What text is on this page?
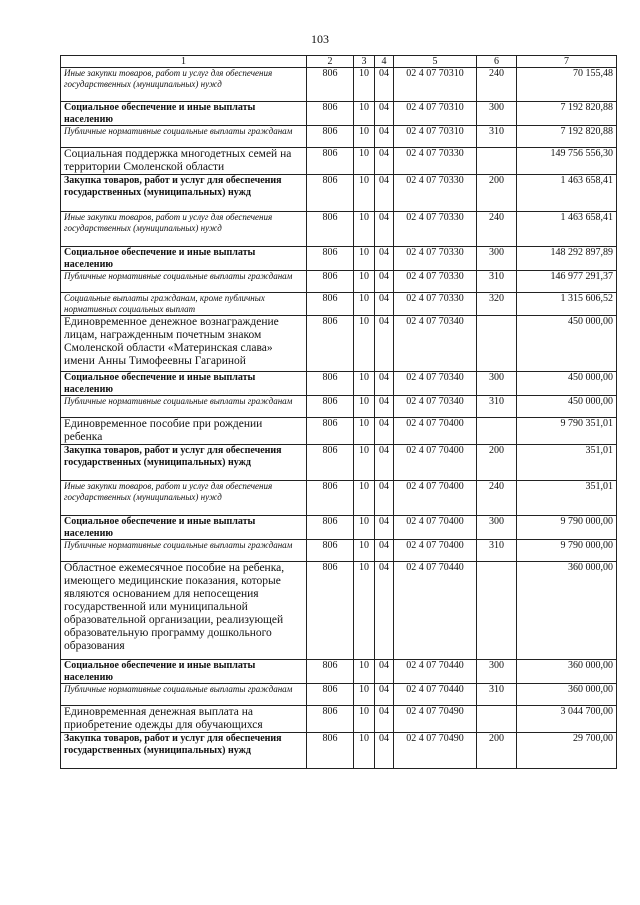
103
1	2	3	4	5	6	7
Иные закупки товаров, работ и услуг для обеспечения государственных (муниципальных) нужд	806	10	04	02 4 07 70310	240	70 155,48
Социальное обеспечение и иные выплаты населению	806	10	04	02 4 07 70310	300	7 192 820,88
Публичные нормативные социальные выплаты гражданам	806	10	04	02 4 07 70310	310	7 192 820,88
Социальная поддержка многодетных семей на территории Смоленской области	806	10	04	02 4 07 70330		149 756 556,30
Закупка товаров, работ и услуг для обеспечения государственных (муниципальных) нужд	806	10	04	02 4 07 70330	200	1 463 658,41
Иные закупки товаров, работ и услуг для обеспечения государственных (муниципальных) нужд	806	10	04	02 4 07 70330	240	1 463 658,41
Социальное обеспечение и иные выплаты населению	806	10	04	02 4 07 70330	300	148 292 897,89
Публичные нормативные социальные выплаты гражданам	806	10	04	02 4 07 70330	310	146 977 291,37
Социальные выплаты гражданам, кроме публичных нормативных социальных выплат	806	10	04	02 4 07 70330	320	1 315 606,52
Единовременное денежное вознаграждение лицам, награжденным почетным знаком Смоленской области «Материнская слава» имени Анны Тимофеевны Гагариной	806	10	04	02 4 07 70340		450 000,00
Социальное обеспечение и иные выплаты населению	806	10	04	02 4 07 70340	300	450 000,00
Публичные нормативные социальные выплаты гражданам	806	10	04	02 4 07 70340	310	450 000,00
Единовременное пособие при рождении ребенка	806	10	04	02 4 07 70400		9 790 351,01
Закупка товаров, работ и услуг для обеспечения государственных (муниципальных) нужд	806	10	04	02 4 07 70400	200	351,01
Иные закупки товаров, работ и услуг для обеспечения государственных (муниципальных) нужд	806	10	04	02 4 07 70400	240	351,01
Социальное обеспечение и иные выплаты населению	806	10	04	02 4 07 70400	300	9 790 000,00
Публичные нормативные социальные выплаты гражданам	806	10	04	02 4 07 70400	310	9 790 000,00
Областное ежемесячное пособие на ребенка, имеющего медицинские показания, которые являются основанием для непосещения государственной или муниципальной образовательной организации, реализующей образовательную программу дошкольного образования	806	10	04	02 4 07 70440		360 000,00
Социальное обеспечение и иные выплаты населению	806	10	04	02 4 07 70440	300	360 000,00
Публичные нормативные социальные выплаты гражданам	806	10	04	02 4 07 70440	310	360 000,00
Единовременная денежная выплата на приобретение одежды для обучающихся	806	10	04	02 4 07 70490		3 044 700,00
Закупка товаров, работ и услуг для обеспечения государственных (муниципальных) нужд	806	10	04	02 4 07 70490	200	29 700,00
